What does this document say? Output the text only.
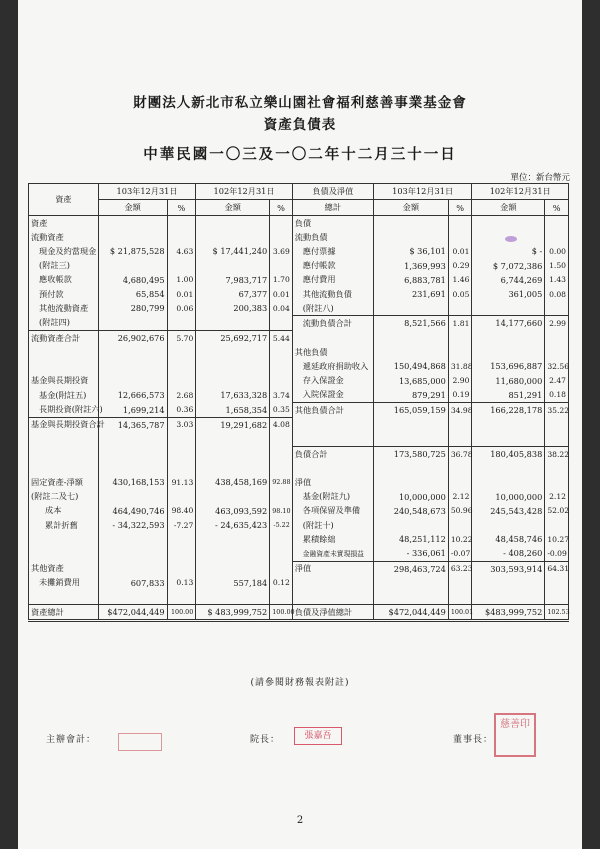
財團法人新北市私立樂山園社會福利慈善事業基金會
資產負債表
中華民國一〇三及一〇二年十二月三十一日
單位：新台幣元
資產	103年12月31日		102年12月31日		負債及淨值	103年12月31日		102年12月31日	
	金額	%	金額	%	總計	金額	%	金額	%
資產					負債				
流動資產					流動負債				
現金及約當現金	$ 21,875,528	4.63	$ 17,441,240	3.69	應付票據	$ 36,101	0.01	$ -	0.00
(附註三)					應付帳款	1,369,993	0.29	$ 7,072,386	1.50
應收帳款	4,680,495	1.00	7,983,717	1.70	應付費用	6,883,781	1.46	6,744,269	1.43
預付款	65,854	0.01	67,377	0.01	其他流動負債	231,691	0.05	361,005	0.08
其他流動資產	280,799	0.06	200,383	0.04	(附註八)				
(附註四)					流動負債合計	8,521,566	1.81	14,177,660	2.99
流動資產合計	26,902,676	5.70	25,692,717	5.44					
					其他負債				
					遞延政府捐助收入	150,494,868	31.88	153,696,887	32.56
基金與長期投資					存入保證金	13,685,000	2.90	11,680,000	2.47
基金(附註五)	12,666,573	2.68	17,633,328	3.74	入院保證金	879,291	0.19	851,291	0.18
長期投資(附註六)	1,699,214	0.36	1,658,354	0.35	其他負債合計	165,059,159	34.98	166,228,178	35.22
基金與長期投資合計	14,365,787	3.03	19,291,682	4.08					

					負債合計	173,580,725	36.78	180,405,838	38.22

固定資產-淨額	430,168,153	91.13	438,458,169	92.88	淨值				
(附註二及七)					基金(附註九)	10,000,000	2.12	10,000,000	2.12
成本	464,490,746	98.40	463,093,592	98.10	各項保留及準備	240,548,673	50.96	245,543,428	52.02
累計折舊	- 34,322,593	-7.27	- 24,635,423	-5.22	(附註十)				
					累積餘絀	48,251,112	10.22	48,458,746	10.27
					金融資產未實現損益	- 336,061	-0.07	- 408,260	-0.09
其他資產					淨值	298,463,724	63.23	303,593,914	64.31
未攤銷費用	607,833	0.13	557,184	0.12					

資產總計	$472,044,449	100.00	$ 483,999,752	100.00	負債及淨值總計	$472,044,449	100.01	$483,999,752	102.53
(請參閱財務報表附註)
主辦會計：	院長：	張嘉吾	董事長：
慈善印
2
